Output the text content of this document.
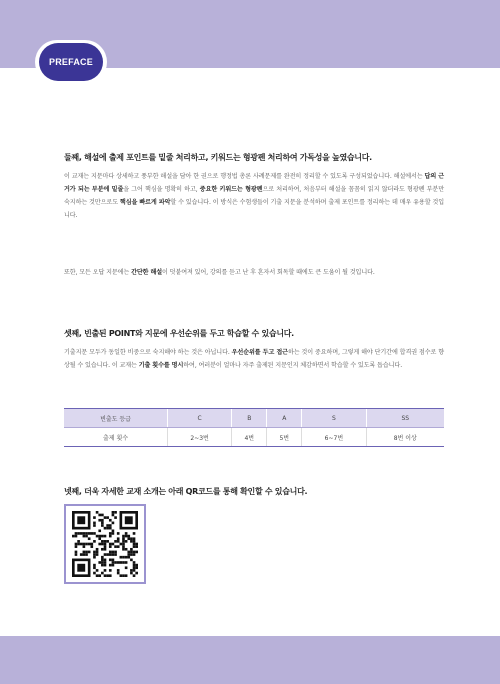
PREFACE
둘째, 해설에 출제 포인트를 밑줄 처리하고, 키워드는 형광펜 처리하여 가독성을 높였습니다.
이 교재는 지문마다 상세하고 풍부한 해설을 담아 한 권으로 행정법 총론 사례문제를 완전히 정리할 수 있도록 구성되었습니다. 해설에서는 답의 근거가 되는 부분에 밑줄을 그어 핵심을 명확히 하고, 중요한 키워드는 형광펜으로 처리하여, 처음부터 해설을 꼼꼼히 읽지 않더라도 형광펜 부분만 숙지하는 것만으로도 핵심을 빠르게 파악할 수 있습니다. 이 방식은 수험생들이 기출 지문을 분석하며 출제 포인트를 정리하는 데 매우 유용할 것입니다.
또한, 모든 오답 지문에는 간단한 해설이 덧붙여져 있어, 강의를 듣고 난 후 혼자서 회독할 때에도 큰 도움이 될 것입니다.
셋째, 빈출된 POINT와 지문에 우선순위를 두고 학습할 수 있습니다.
기출지문 모두가 동일한 비중으로 숙지해야 하는 것은 아닙니다. 우선순위를 두고 접근하는 것이 중요하며, 그렇게 해야 단기간에 합격권 점수로 향상될 수 있습니다. 이 교재는 기출 횟수를 명시하여, 여러분이 얼마나 자주 출제된 지문인지 체감하면서 학습할 수 있도록 돕습니다.
빈출도 등급	C	B	A	S	SS
출제 횟수	2~3번	4번	5번	6~7번	8번 이상
넷째, 더욱 자세한 교재 소개는 아래 QR코드를 통해 확인할 수 있습니다.
